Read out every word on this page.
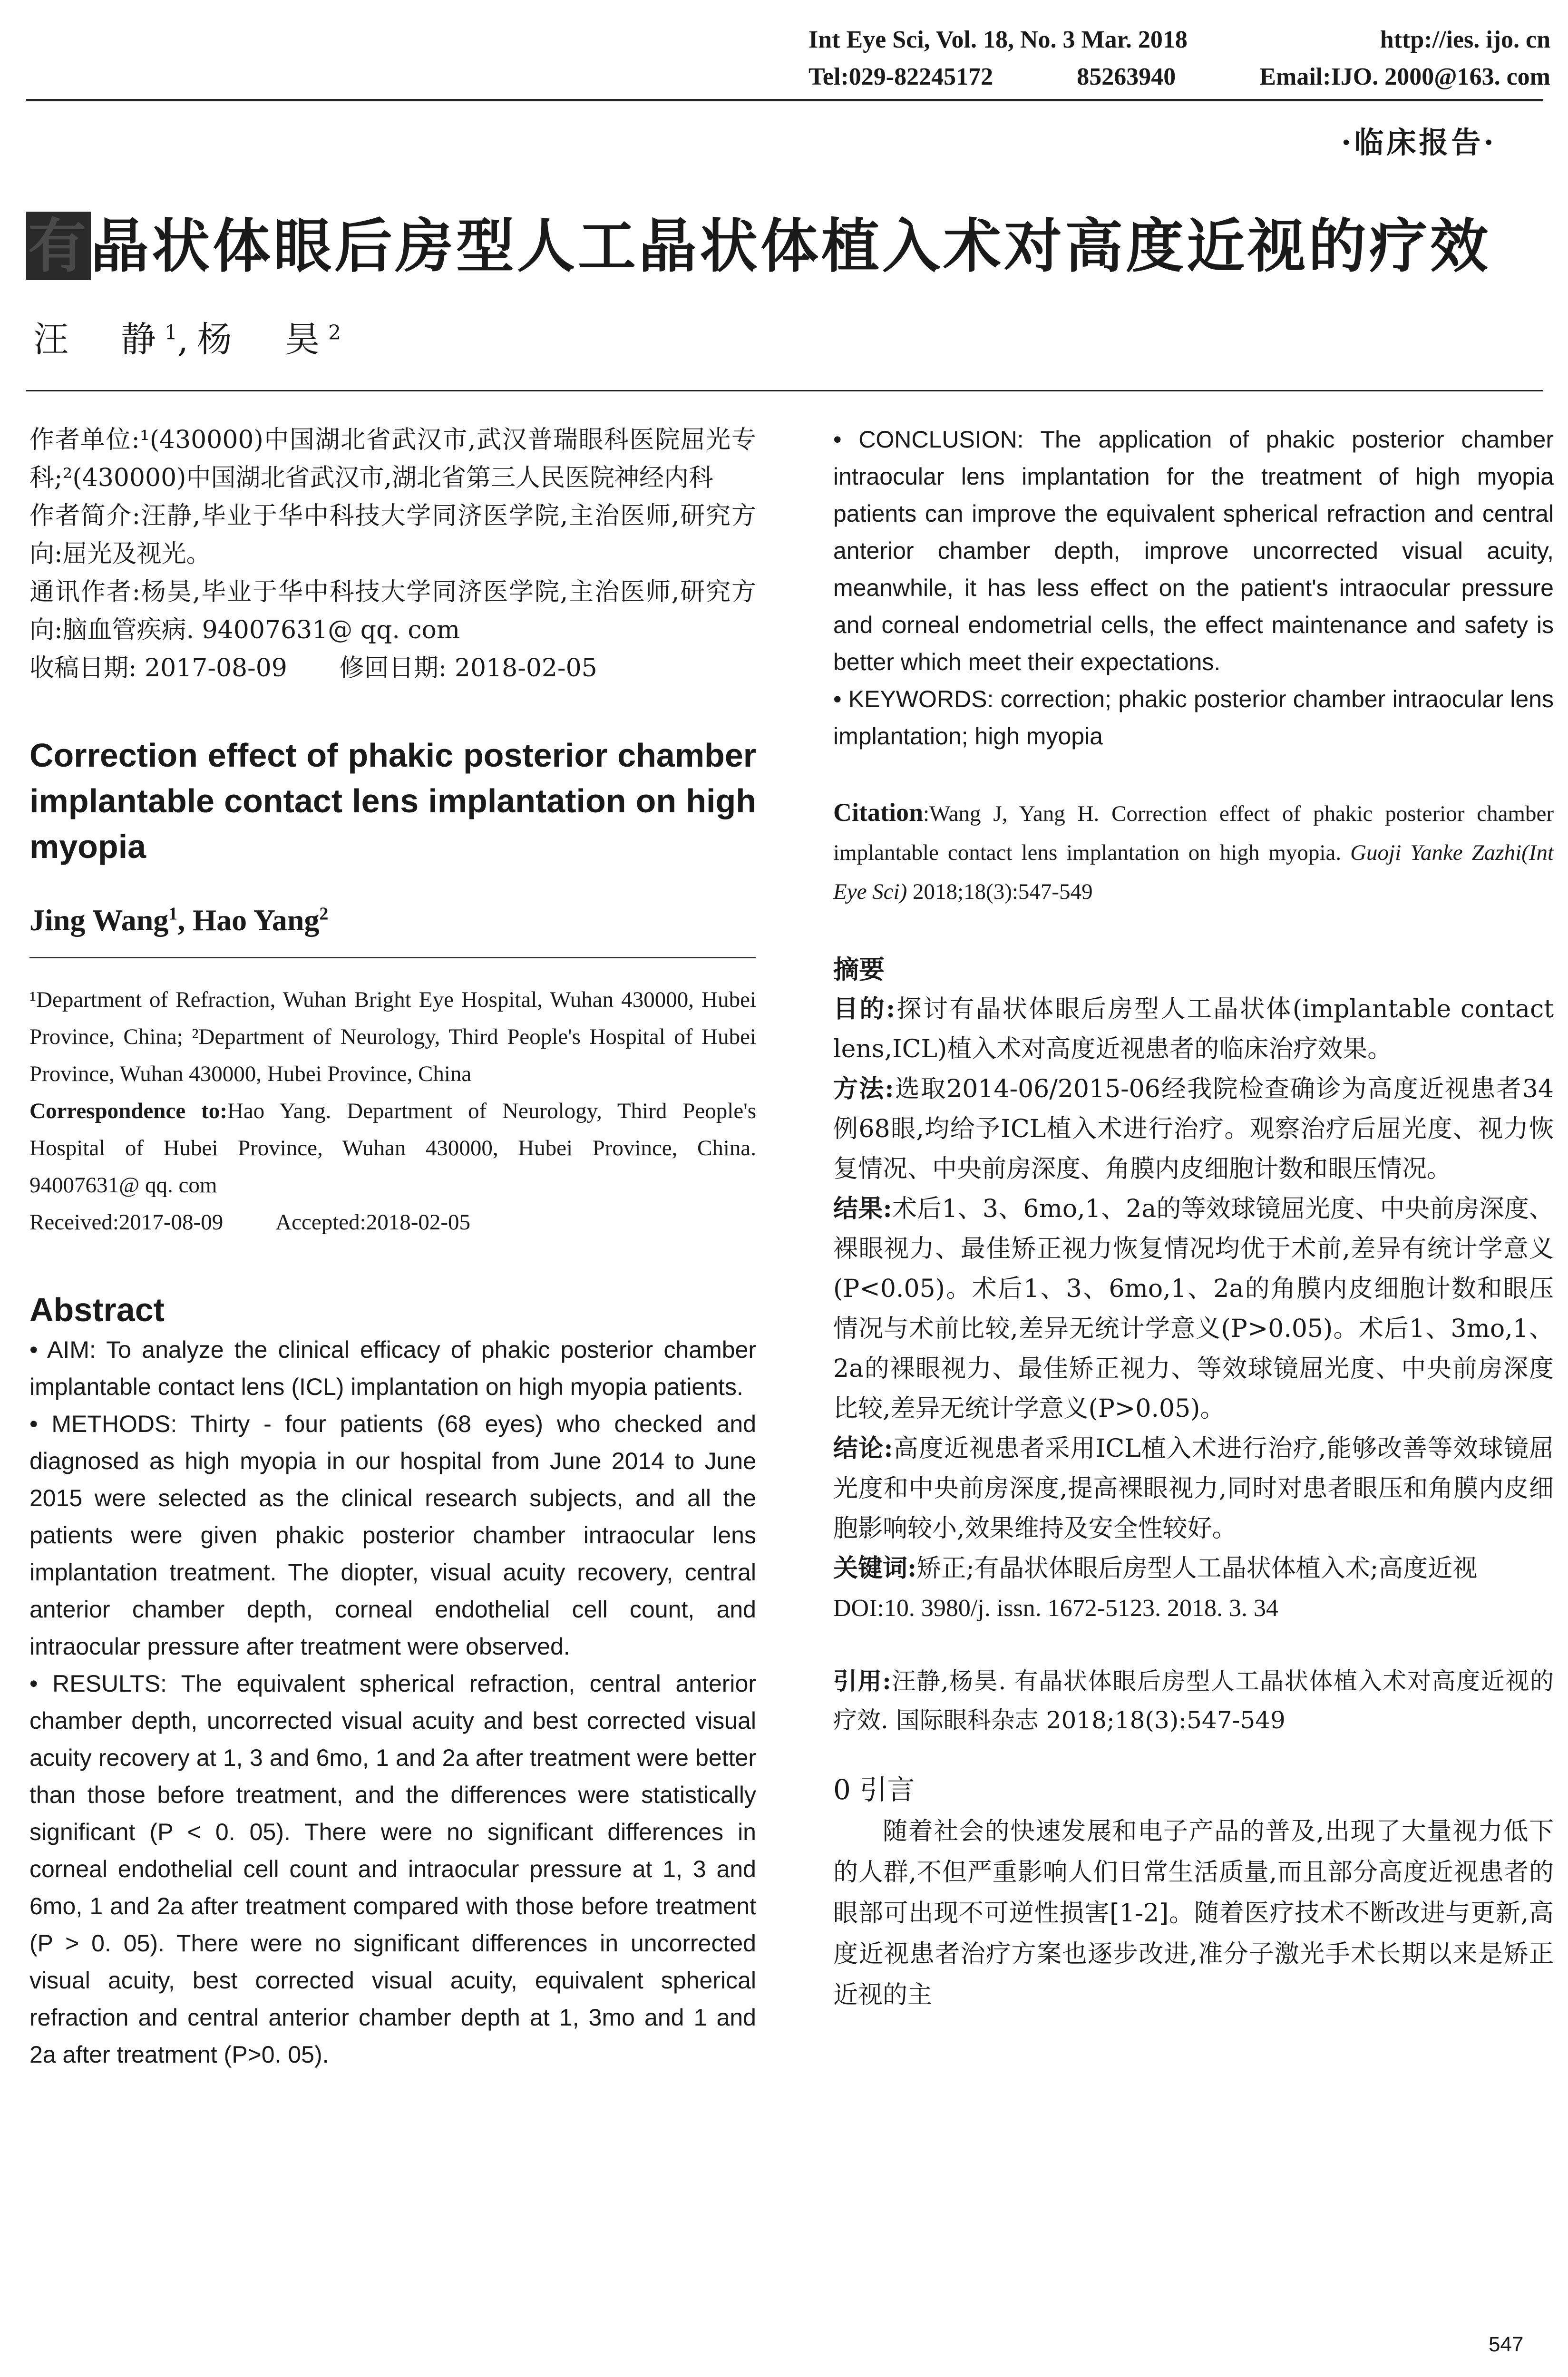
Int Eye Sci, Vol. 18, No. 3 Mar. 2018	http://ies. ijo. cn
Tel:029-82245172	85263940	Email:IJO. 2000@163. com
·临床报告·
有晶状体眼后房型人工晶状体植入术对高度近视的疗效
汪　静$^1$,杨　昊$^2$

作者单位:¹(430000)中国湖北省武汉市,武汉普瑞眼科医院屈光专科;²(430000)中国湖北省武汉市,湖北省第三人民医院神经内科

作者简介:汪静,毕业于华中科技大学同济医学院,主治医师,研究方向:屈光及视光。

通讯作者:杨昊,毕业于华中科技大学同济医学院,主治医师,研究方向:脑血管疾病. 94007631@ qq. com

收稿日期: 2017-08-09 修回日期: 2018-02-05

Correction effect of phakic posterior chamber implantable contact lens implantation on high myopia
Jing Wang$^1$, Hao Yang$^2$

¹Department of Refraction, Wuhan Bright Eye Hospital, Wuhan 430000, Hubei Province, China; ²Department of Neurology, Third People's Hospital of Hubei Province, Wuhan 430000, Hubei Province, China

Correspondence to:Hao Yang. Department of Neurology, Third People's Hospital of Hubei Province, Wuhan 430000, Hubei Province, China. 94007631@ qq. com

Received:2017-08-09 Accepted:2018-02-05

Abstract

• AIM: To analyze the clinical efficacy of phakic posterior chamber implantable contact lens (ICL) implantation on high myopia patients.

• METHODS: Thirty - four patients (68 eyes) who checked and diagnosed as high myopia in our hospital from June 2014 to June 2015 were selected as the clinical research subjects, and all the patients were given phakic posterior chamber intraocular lens implantation treatment. The diopter, visual acuity recovery, central anterior chamber depth, corneal endothelial cell count, and intraocular pressure after treatment were observed.

• RESULTS: The equivalent spherical refraction, central anterior chamber depth, uncorrected visual acuity and best corrected visual acuity recovery at 1, 3 and 6mo, 1 and 2a after treatment were better than those before treatment, and the differences were statistically significant (P < 0. 05). There were no significant differences in corneal endothelial cell count and intraocular pressure at 1, 3 and 6mo, 1 and 2a after treatment compared with those before treatment (P > 0. 05). There were no significant differences in uncorrected visual acuity, best corrected visual acuity, equivalent spherical refraction and central anterior chamber depth at 1, 3mo and 1 and 2a after treatment (P>0. 05).

• CONCLUSION: The application of phakic posterior chamber intraocular lens implantation for the treatment of high myopia patients can improve the equivalent spherical refraction and central anterior chamber depth, improve uncorrected visual acuity, meanwhile, it has less effect on the patient's intraocular pressure and corneal endometrial cells, the effect maintenance and safety is better which meet their expectations.

• KEYWORDS: correction; phakic posterior chamber intraocular lens implantation; high myopia

Citation:Wang J, Yang H. Correction effect of phakic posterior chamber implantable contact lens implantation on high myopia. Guoji Yanke Zazhi(Int Eye Sci) 2018;18(3):547-549
摘要

目的:探讨有晶状体眼后房型人工晶状体(implantable contact lens,ICL)植入术对高度近视患者的临床治疗效果。

方法:选取2014-06/2015-06经我院检查确诊为高度近视患者34例68眼,均给予ICL植入术进行治疗。观察治疗后屈光度、视力恢复情况、中央前房深度、角膜内皮细胞计数和眼压情况。

结果:术后1、3、6mo,1、2a的等效球镜屈光度、中央前房深度、裸眼视力、最佳矫正视力恢复情况均优于术前,差异有统计学意义(P<0.05)。术后1、3、6mo,1、2a的角膜内皮细胞计数和眼压情况与术前比较,差异无统计学意义(P>0.05)。术后1、3mo,1、2a的裸眼视力、最佳矫正视力、等效球镜屈光度、中央前房深度比较,差异无统计学意义(P>0.05)。

结论:高度近视患者采用ICL植入术进行治疗,能够改善等效球镜屈光度和中央前房深度,提高裸眼视力,同时对患者眼压和角膜内皮细胞影响较小,效果维持及安全性较好。

关键词:矫正;有晶状体眼后房型人工晶状体植入术;高度近视

DOI:10. 3980/j. issn. 1672-5123. 2018. 3. 34

引用:汪静,杨昊. 有晶状体眼后房型人工晶状体植入术对高度近视的疗效. 国际眼科杂志 2018;18(3):547-549
0 引言
随着社会的快速发展和电子产品的普及,出现了大量视力低下的人群,不但严重影响人们日常生活质量,而且部分高度近视患者的眼部可出现不可逆性损害[1-2]。随着医疗技术不断改进与更新,高度近视患者治疗方案也逐步改进,准分子激光手术长期以来是矫正近视的主
547
